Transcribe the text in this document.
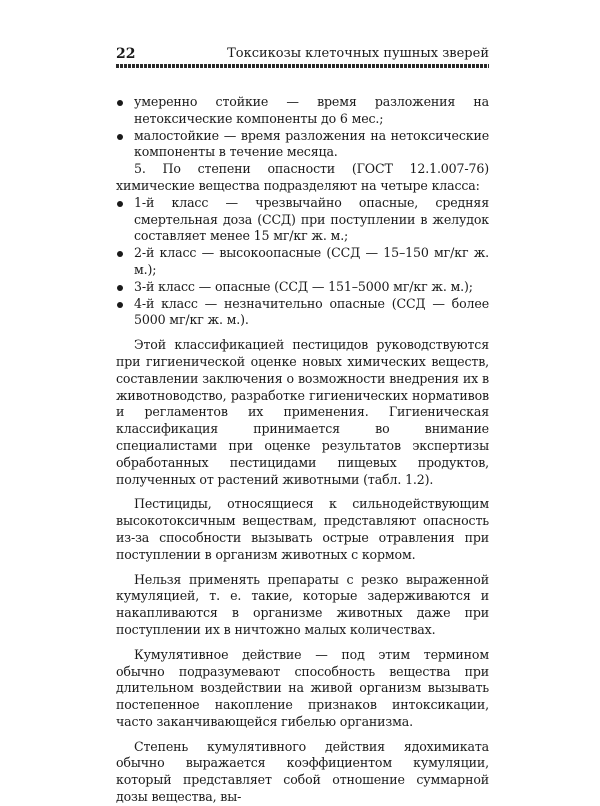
22	Токсикозы клеточных пушных зверей
умеренно стойкие — время разложения на нетоксические компоненты до 6 мес.;
малостойкие — время разложения на нетоксические компоненты в течение месяца.

5. По степени опасности (ГОСТ 12.1.007-76) химические вещества подразделяют на четыре класса:

1-й класс — чрезвычайно опасные, средняя смертельная доза (ССД) при поступлении в желудок составляет менее 15 мг/кг ж. м.;
2-й класс — высокоопасные (ССД — 15–150 мг/кг ж. м.);
3-й класс — опасные (ССД — 151–5000 мг/кг ж. м.);
4-й класс — незначительно опасные (ССД — более 5000 мг/кг ж. м.).

Этой классификацией пестицидов руководствуются при гигиенической оценке новых химических веществ, составлении заключения о возможности внедрения их в животноводство, разработке гигиенических нормативов и регламентов их применения. Гигиеническая классификация принимается во внимание специалистами при оценке результатов экспертизы обработанных пестицидами пищевых продуктов, полученных от растений животными (табл. 1.2).

Пестициды, относящиеся к сильнодействующим высокотоксичным веществам, представляют опасность из-за способности вызывать острые отравления при поступлении в организм животных с кормом.

Нельзя применять препараты с резко выраженной кумуляцией, т. е. такие, которые задерживаются и накапливаются в организме животных даже при поступлении их в ничтожно малых количествах.

Кумулятивное действие — под этим термином обычно подразумевают способность вещества при длительном воздействии на живой организм вызывать постепенное накопление признаков интоксикации, часто заканчивающейся гибелью организма.

Степень кумулятивного действия ядохимиката обычно выражается коэффициентом кумуляции, который представляет собой отношение суммарной дозы вещества, вы-
